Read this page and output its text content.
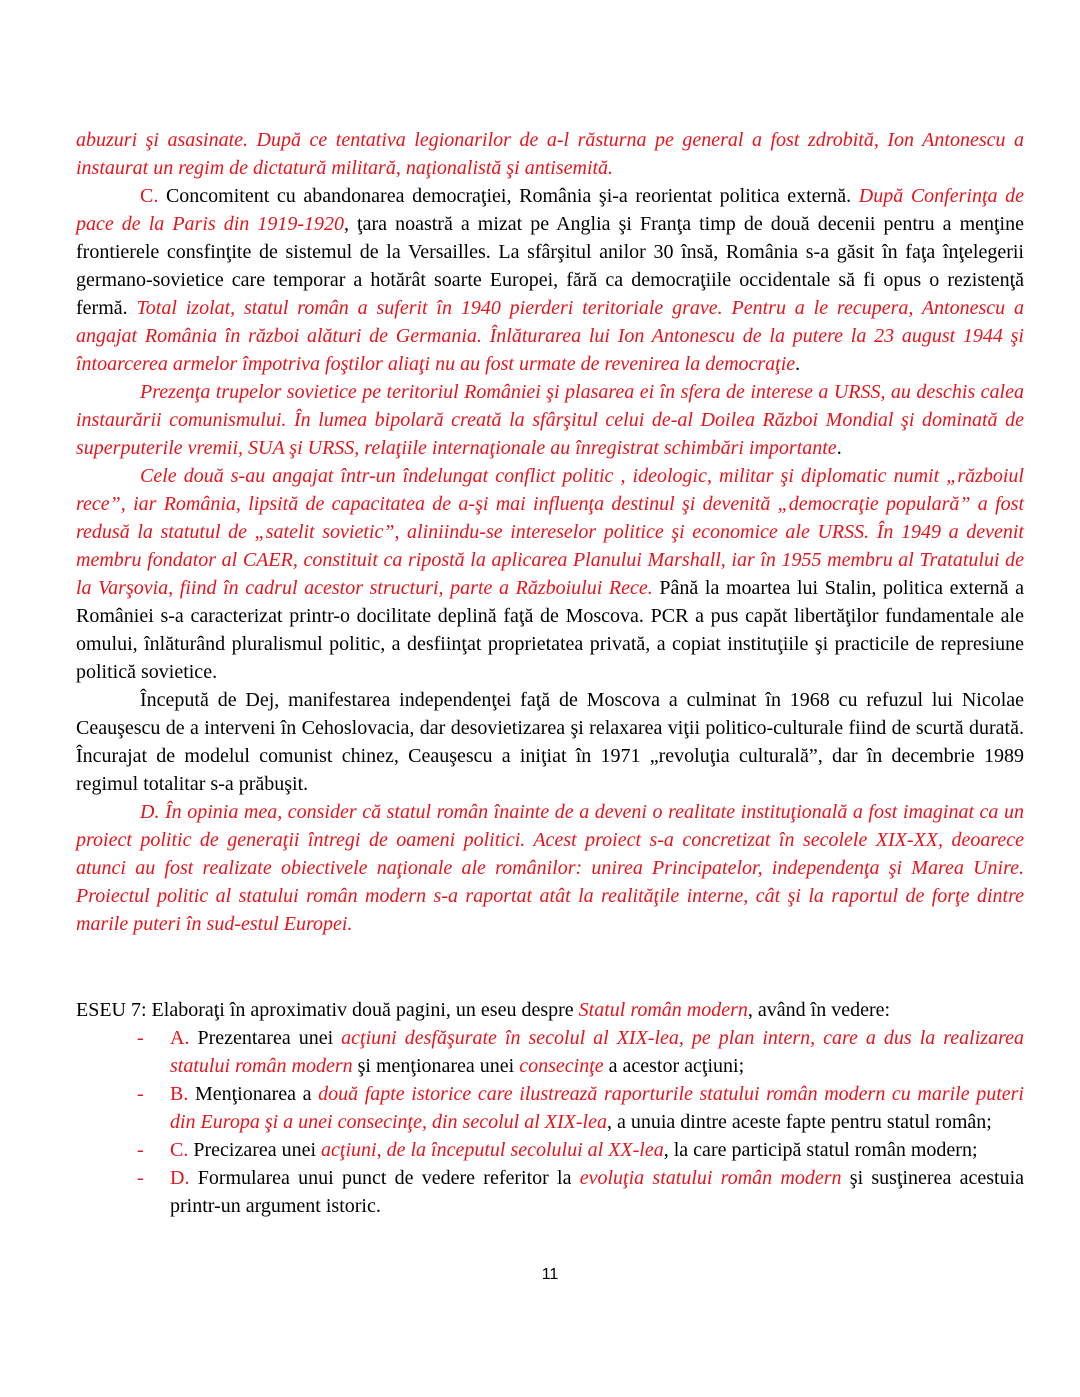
abuzuri şi asasinate. După ce tentativa legionarilor de a-l răsturna pe general a fost zdrobită, Ion Antonescu a instaurat un regim de dictatură militară, naţionalistă şi antisemită.

C. Concomitent cu abandonarea democraţiei, România şi-a reorientat politica externă. După Conferinţa de pace de la Paris din 1919-1920, ţara noastră a mizat pe Anglia şi Franţa timp de două decenii pentru a menţine frontierele consfinţite de sistemul de la Versailles. La sfârşitul anilor 30 însă, România s-a găsit în faţa înţelegerii germano-sovietice care temporar a hotărât soarte Europei, fără ca democraţiile occidentale să fi opus o rezistenţă fermă. Total izolat, statul român a suferit în 1940 pierderi teritoriale grave. Pentru a le recupera, Antonescu a angajat România în război alături de Germania. Înlăturarea lui Ion Antonescu de la putere la 23 august 1944 şi întoarcerea armelor împotriva foştilor aliaţi nu au fost urmate de revenirea la democraţie.

Prezenţa trupelor sovietice pe teritoriul României şi plasarea ei în sfera de interese a URSS, au deschis calea instaurării comunismului. În lumea bipolară creată la sfârşitul celui de-al Doilea Război Mondial şi dominată de superputerile vremii, SUA şi URSS, relaţiile internaţionale au înregistrat schimbări importante.

Cele două s-au angajat într-un îndelungat conflict politic , ideologic, militar şi diplomatic numit „războiul rece”, iar România, lipsită de capacitatea de a-şi mai influenţa destinul şi devenită „democraţie populară” a fost redusă la statutul de „satelit sovietic”, aliniindu-se intereselor politice şi economice ale URSS. În 1949 a devenit membru fondator al CAER, constituit ca ripostă la aplicarea Planului Marshall, iar în 1955 membru al Tratatului de la Varşovia, fiind în cadrul acestor structuri, parte a Războiului Rece. Până la moartea lui Stalin, politica externă a României s-a caracterizat printr-o docilitate deplină faţă de Moscova. PCR a pus capăt libertăţilor fundamentale ale omului, înlăturând pluralismul politic, a desfiinţat proprietatea privată, a copiat instituţiile şi practicile de represiune politică sovietice.

Începută de Dej, manifestarea independenţei faţă de Moscova a culminat în 1968 cu refuzul lui Nicolae Ceauşescu de a interveni în Cehoslovacia, dar desovietizarea şi relaxarea viţii politico-culturale fiind de scurtă durată. Încurajat de modelul comunist chinez, Ceauşescu a iniţiat în 1971 „revoluţia culturală”, dar în decembrie 1989 regimul totalitar s-a prăbuşit.

D. În opinia mea, consider că statul român înainte de a deveni o realitate instituţională a fost imaginat ca un proiect politic de generaţii întregi de oameni politici. Acest proiect s-a concretizat în secolele XIX-XX, deoarece atunci au fost realizate obiectivele naţionale ale românilor: unirea Principatelor, independenţa şi Marea Unire. Proiectul politic al statului român modern s-a raportat atât la realităţile interne, cât şi la raportul de forţe dintre marile puteri în sud-estul Europei.

ESEU 7: Elaboraţi în aproximativ două pagini, un eseu despre Statul român modern, având în vedere:

- A. Prezentarea unei acţiuni desfăşurate în secolul al XIX-lea, pe plan intern, care a dus la realizarea statului român modern şi menţionarea unei consecinţe a acestor acţiuni;
- B. Menţionarea a două fapte istorice care ilustrează raporturile statului român modern cu marile puteri din Europa şi a unei consecinţe, din secolul al XIX-lea, a unuia dintre aceste fapte pentru statul român;
- C. Precizarea unei acţiuni, de la începutul secolului al XX-lea, la care participă statul român modern;
- D. Formularea unui punct de vedere referitor la evoluţia statului român modern şi susţinerea acestuia printr-un argument istoric.
11
